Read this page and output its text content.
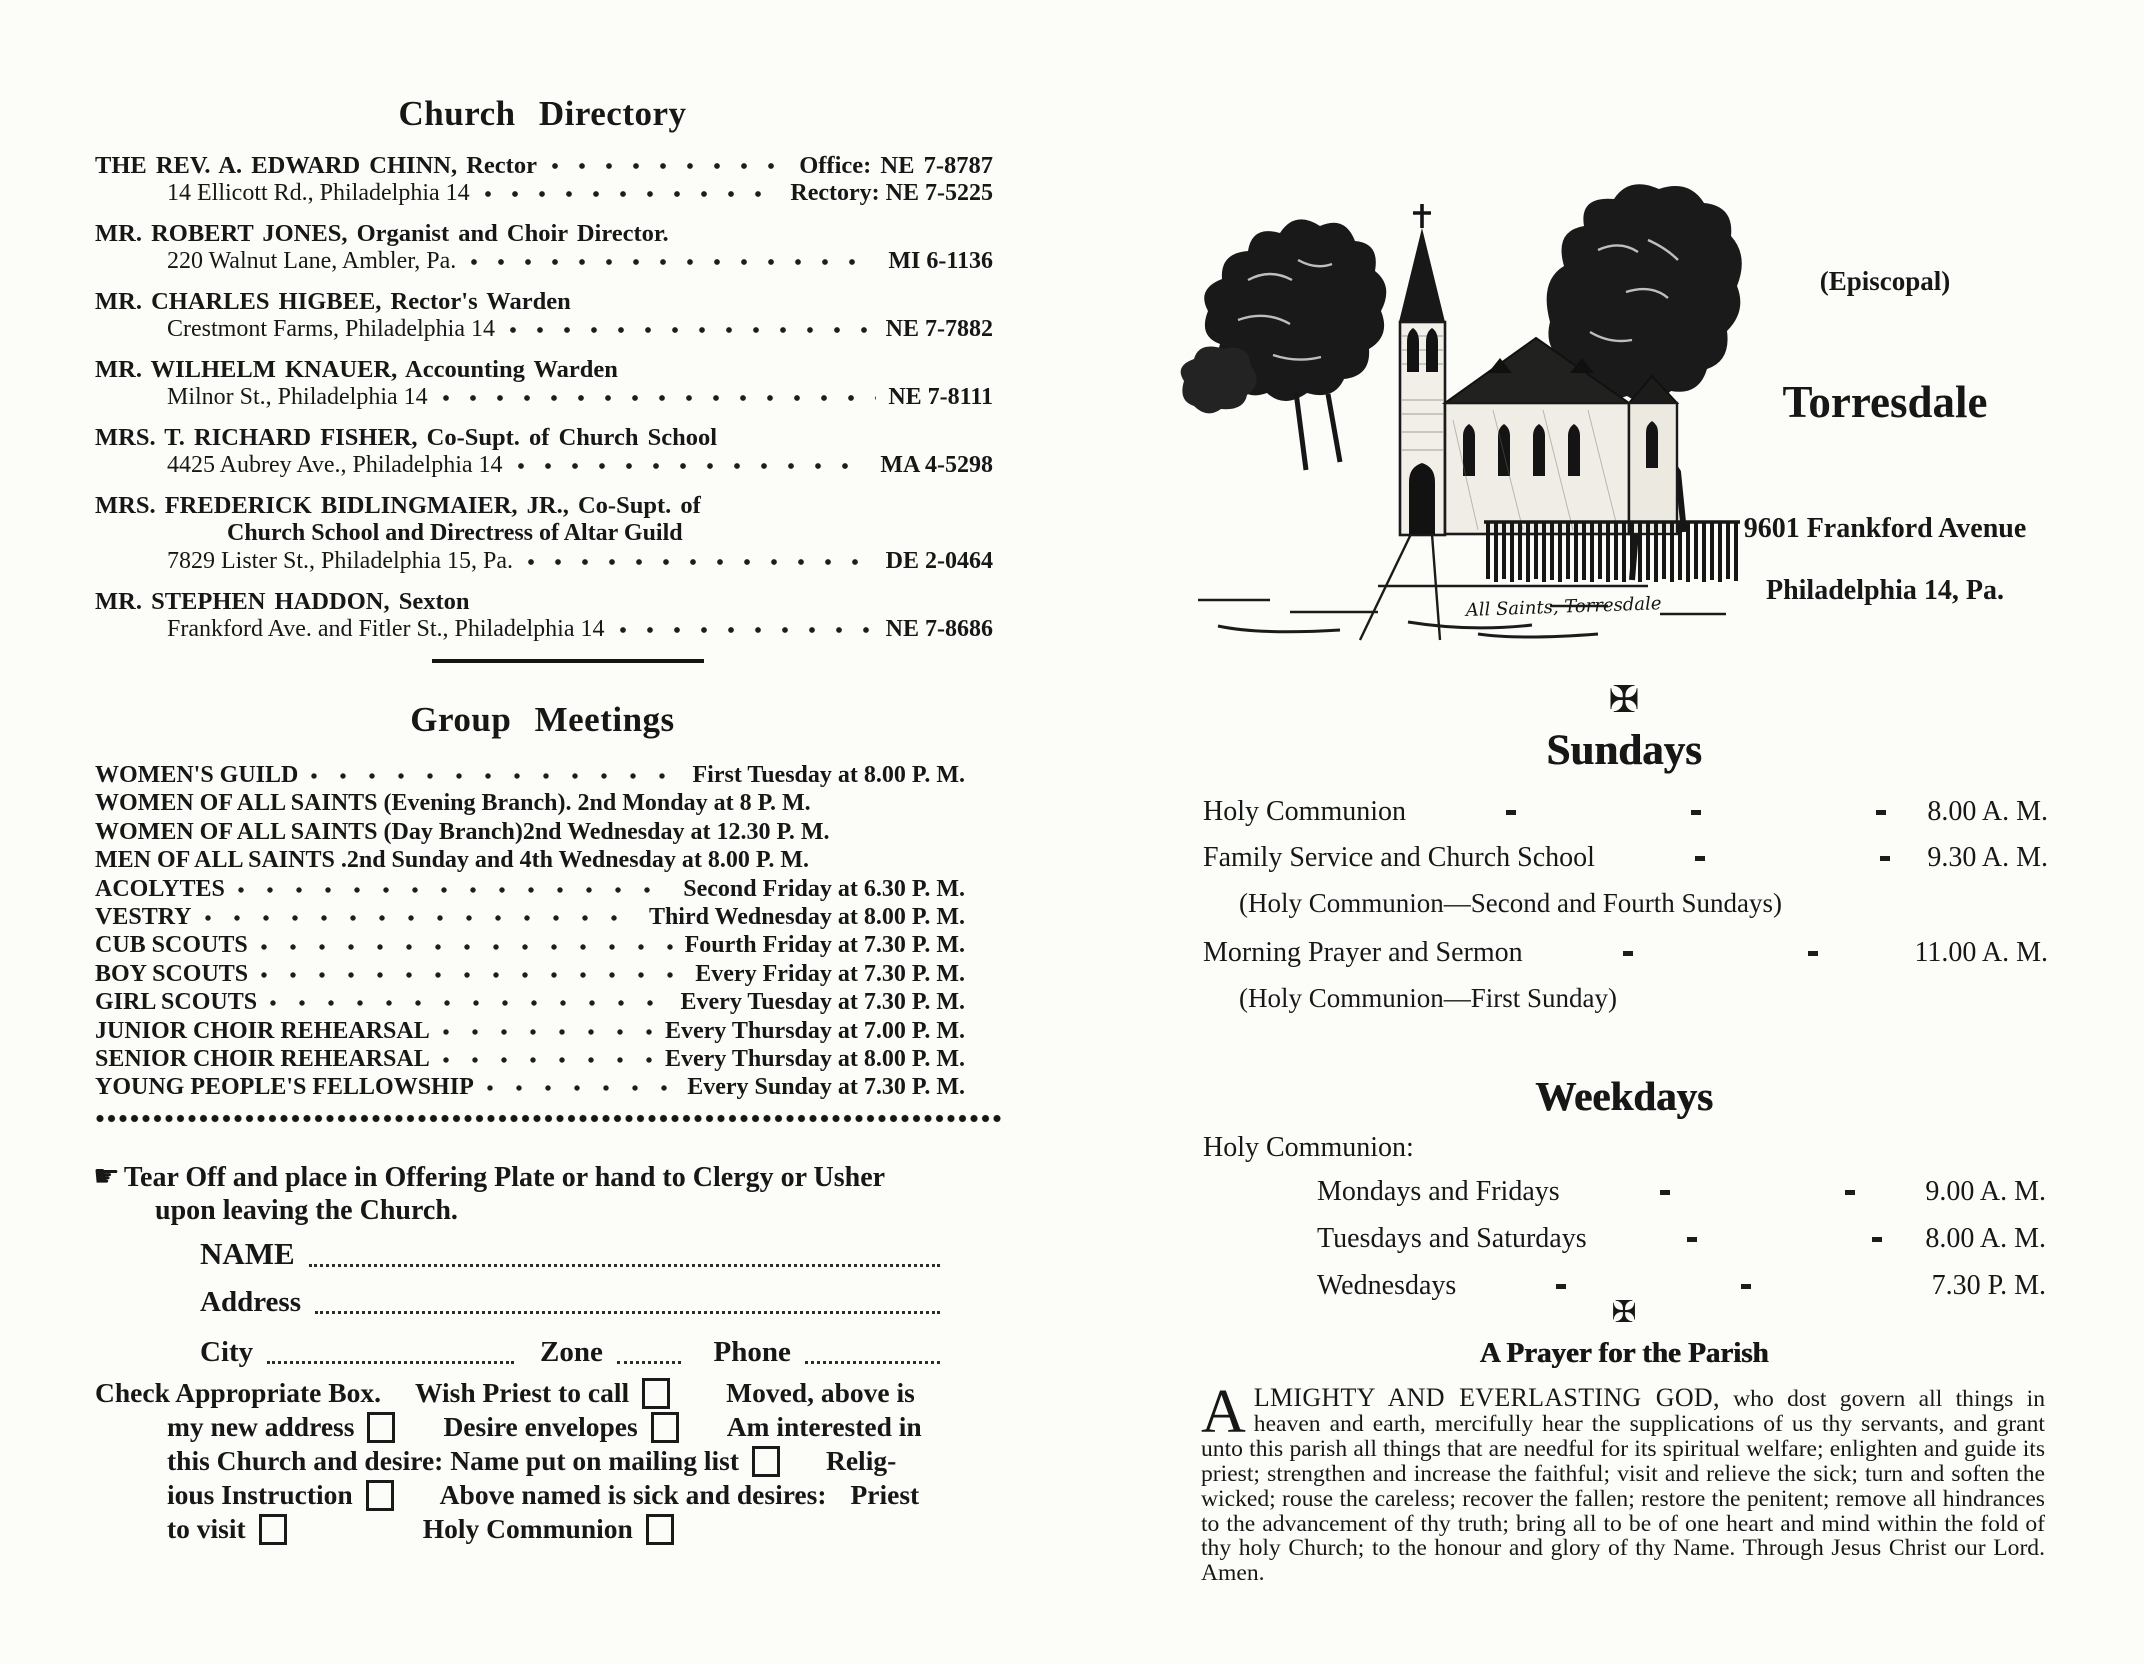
Church Directory
THE REV. A. EDWARD CHINN, Rector	Office: NE 7-8787
14 Ellicott Rd., Philadelphia 14	Rectory: NE 7-5225
MR. ROBERT JONES, Organist and Choir Director.
220 Walnut Lane, Ambler, Pa.	MI 6-1136
MR. CHARLES HIGBEE, Rector's Warden
Crestmont Farms, Philadelphia 14	NE 7-7882
MR. WILHELM KNAUER, Accounting Warden
Milnor St., Philadelphia 14	NE 7-8111
MRS. T. RICHARD FISHER, Co-Supt. of Church School
4425 Aubrey Ave., Philadelphia 14	MA 4-5298
MRS. FREDERICK BIDLINGMAIER, JR., Co-Supt. of
Church School and Directress of Altar Guild
7829 Lister St., Philadelphia 15, Pa.	DE 2-0464
MR. STEPHEN HADDON, Sexton
Frankford Ave. and Fitler St., Philadelphia 14	NE 7-8686
Group Meetings
WOMEN'S GUILD	First Tuesday at 8.00 P. M.
WOMEN OF ALL SAINTS (Evening Branch) . 2nd Monday at 8 P. M.
WOMEN OF ALL SAINTS (Day Branch) 2nd Wednesday at 12.30 P. M.
MEN OF ALL SAINTS . 2nd Sunday and 4th Wednesday at 8.00 P. M.
ACOLYTES	Second Friday at 6.30 P. M.
VESTRY	Third Wednesday at 8.00 P. M.
CUB SCOUTS	Fourth Friday at 7.30 P. M.
BOY SCOUTS	Every Friday at 7.30 P. M.
GIRL SCOUTS	Every Tuesday at 7.30 P. M.
JUNIOR CHOIR REHEARSAL	Every Thursday at 7.00 P. M.
SENIOR CHOIR REHEARSAL	Every Thursday at 8.00 P. M.
YOUNG PEOPLE'S FELLOWSHIP	Every Sunday at 7.30 P. M.
☛ Tear Off and place in Offering Plate or hand to Clergy or Usher
upon leaving the Church.
NAME
Address
City	Zone	Phone
Check Appropriate Box. Wish Priest to call	Moved, above is
my new address	Desire envelopes	Am interested in
this Church and desire: Name put on mailing list	Relig-
ious Instruction	Above named is sick and desires: Priest
to visit	Holy Communion
All Saints, Torresdale
(Episcopal)
Torresdale
9601 Frankford Avenue
Philadelphia 14, Pa.
✠
Sundays
Holy Communion	8.00 A. M.
Family Service and Church School	9.30 A. M.
(Holy Communion—Second and Fourth Sundays)
Morning Prayer and Sermon	11.00 A. M.
(Holy Communion—First Sunday)
Weekdays
Holy Communion:
Mondays and Fridays	9.00 A. M.
Tuesdays and Saturdays	8.00 A. M.
Wednesdays	7.30 P. M.
✠
A Prayer for the Parish
ALMIGHTY AND EVERLASTING GOD, who dost govern all things in heaven and earth, mercifully hear the supplications of us thy servants, and grant unto this parish all things that are needful for its spiritual welfare; enlighten and guide its priest; strengthen and increase the faithful; visit and relieve the sick; turn and soften the wicked; rouse the careless; recover the fallen; restore the penitent; remove all hindrances to the advancement of thy truth; bring all to be of one heart and mind within the fold of thy holy Church; to the honour and glory of thy Name. Through Jesus Christ our Lord. Amen.
